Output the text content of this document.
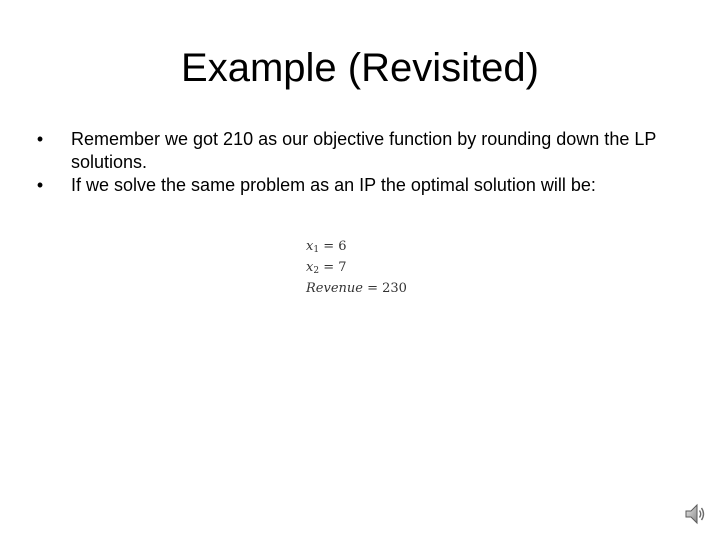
Example (Revisited)
•	Remember we got 210 as our objective function by rounding down the LP solutions.
•	If we solve the same problem as an IP the optimal solution will be:
$x_1 = 6$
$x_2 = 7$
Revenue = 230
